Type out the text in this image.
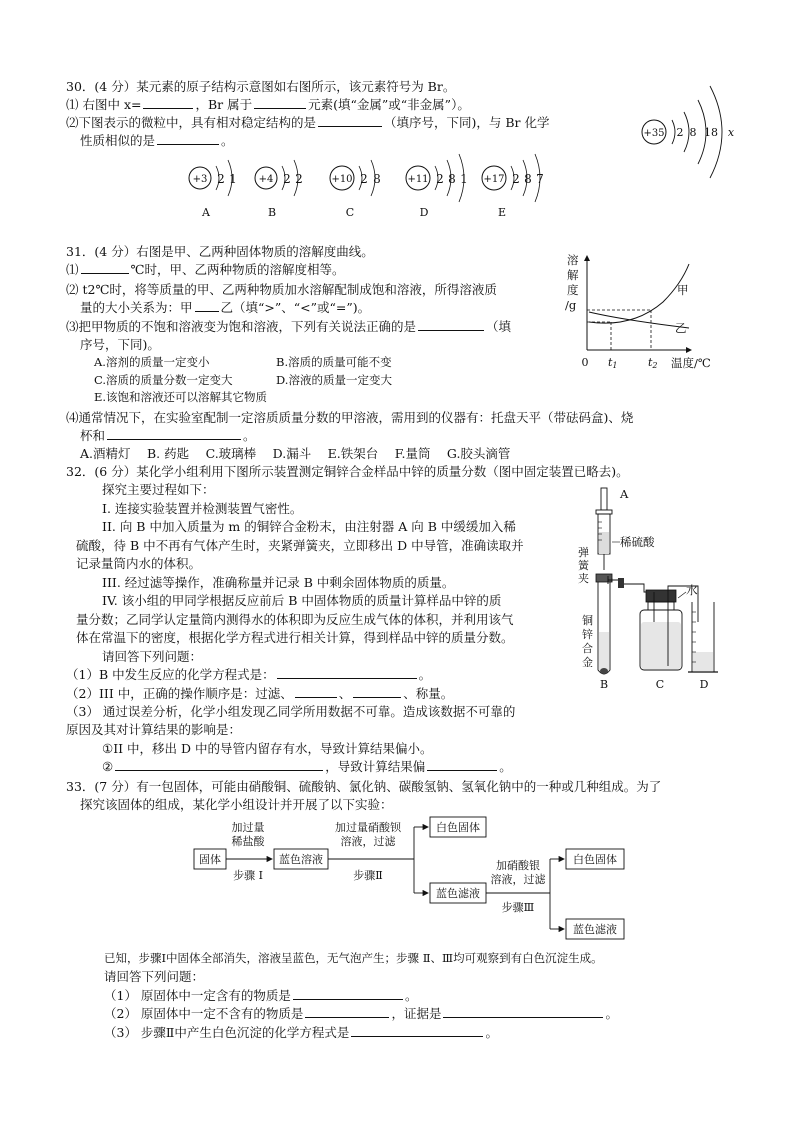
30．(4 分）某元素的原子结构示意图如右图所示，该元素符号为 Br。
⑴ 右图中 x=	，Br 属于	元素(填“金属”或“非金属”）。
⑵下图表示的微粒中，具有相对稳定结构的是	（填序号，下同)，与 Br 化学
性质相似的是	。	+35 2 8 18 x
+3 2 1
A
+4 2 2
B
+10 2 8
C
+11 2 8 1
D
+17 2 8 7
E
31．(4 分）右图是甲、乙两种固体物质的溶解度曲线。
⑴	℃时，甲、乙两种物质的溶解度相等。
⑵ t2℃时，将等质量的甲、乙两种物质加水溶解配制成饱和溶液，所得溶液质
量的大小关系为：甲 乙（填“>”、“<”或“=”)。
⑶把甲物质的不饱和溶液变为饱和溶液，下列有关说法正确的是	（填
序号，下同)。
A.溶剂的质量一定变小	B.溶质的质量可能不变
C.溶质的质量分数一定变大	D.溶液的质量一定变大
E.该饱和溶液还可以溶解其它物质
⑷通常情况下，在实验室配制一定溶质质量分数的甲溶液，需用到的仪器有：托盘天平（带砝码盒)、烧
杯和	。
A.酒精灯　 B. 药匙　 C.玻璃棒　 D.漏斗　 E.铁架台　 F.量筒　 G.胶头滴管
溶
解
度
/g
甲
乙
0 t1	t2 温度/℃
32．(6 分）某化学小组利用下图所示装置测定铜锌合金样品中锌的质量分数（图中固定装置已略去)。
探究主要过程如下：
I. 连接实验装置并检测装置气密性。
II. 向 B 中加入质量为 m 的铜锌合金粉末，由注射器 A 向 B 中缓缓加入稀
硫酸，待 B 中不再有气体产生时，夹紧弹簧夹，立即移出 D 中导管，准确读取并
记录量筒内水的体积。
III. 经过滤等操作，准确称量并记录 B 中剩余固体物质的质量。
IV. 该小组的甲同学根据反应前后 B 中固体物质的质量计算样品中锌的质
量分数；乙同学认定量筒内测得水的体积即为反应生成气体的体积，并利用该气
体在常温下的密度，根据化学方程式进行相关计算，得到样品中锌的质量分数。
请回答下列问题：
（1）B 中发生反应的化学方程式是：	。
（2）III 中，正确的操作顺序是：过滤、	、	、称量。
（3） 通过误差分析，化学小组发现乙同学所用数据不可靠。造成该数据不可靠的
原因及其对计算结果的影响是：
①II 中，移出 D 中的导管内留存有水，导致计算结果偏小。
②	，导致计算结果偏	。
A
稀硫酸
弹
簧
夹
铜
锌
合
金
B
水
C	D
33．(7 分）有一包固体，可能由硝酸铜、硫酸钠、氯化钠、碳酸氢钠、氢氧化钠中的一种或几种组成。为了
探究该固体的组成，某化学小组设计并开展了以下实验：
固体
加过量
稀盐酸
步骤 I
蓝色溶液
加过量硝酸钡
溶液，过滤
步骤Ⅱ
白色固体
蓝色滤液
加硝酸银
溶液，过滤
步骤Ⅲ
白色固体
蓝色滤液
已知，步骤Ⅰ中固体全部消失，溶液呈蓝色，无气泡产生；步骤 Ⅱ、Ⅲ均可观察到有白色沉淀生成。
请回答下列问题：
（1） 原固体中一定含有的物质是	。
（2） 原固体中一定不含有的物质是	，证据是	。
（3） 步骤Ⅱ中产生白色沉淀的化学方程式是	。
